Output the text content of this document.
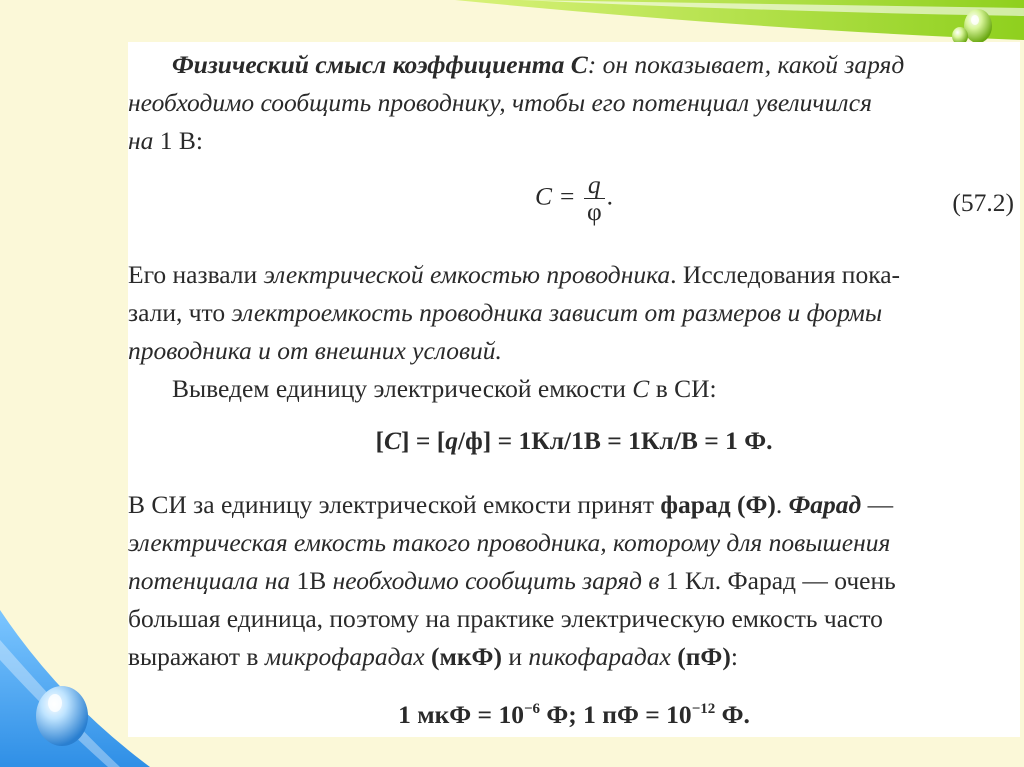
Физический смысл коэффициента С: он показывает, какой заряд
необходимо сообщить проводнику, чтобы его потенциал увеличился
на 1 В:
$С = \frac{q}{\varphi}$ .	(57.2)
Его назвали электрической емкостью проводника. Исследования пока-
зали, что электроемкость проводника зависит от размеров и формы
проводника и от внешних условий.
Выведем единицу электрической емкости С в СИ:
[С] = [q/ф] = 1Кл/1В = 1Кл/В = 1 Ф.
В СИ за единицу электрической емкости принят фарад (Ф). Фарад —
электрическая емкость такого проводника, которому для повышения
потенциала на 1В необходимо сообщить заряд в 1 Кл. Фарад — очень
большая единица, поэтому на практике электрическую емкость часто
выражают в микрофарадах (мкФ) и пикофарадах (пФ):
1 мкФ = $10^{-6}$ Ф; 1 пФ = $10^{-12}$ Ф.
